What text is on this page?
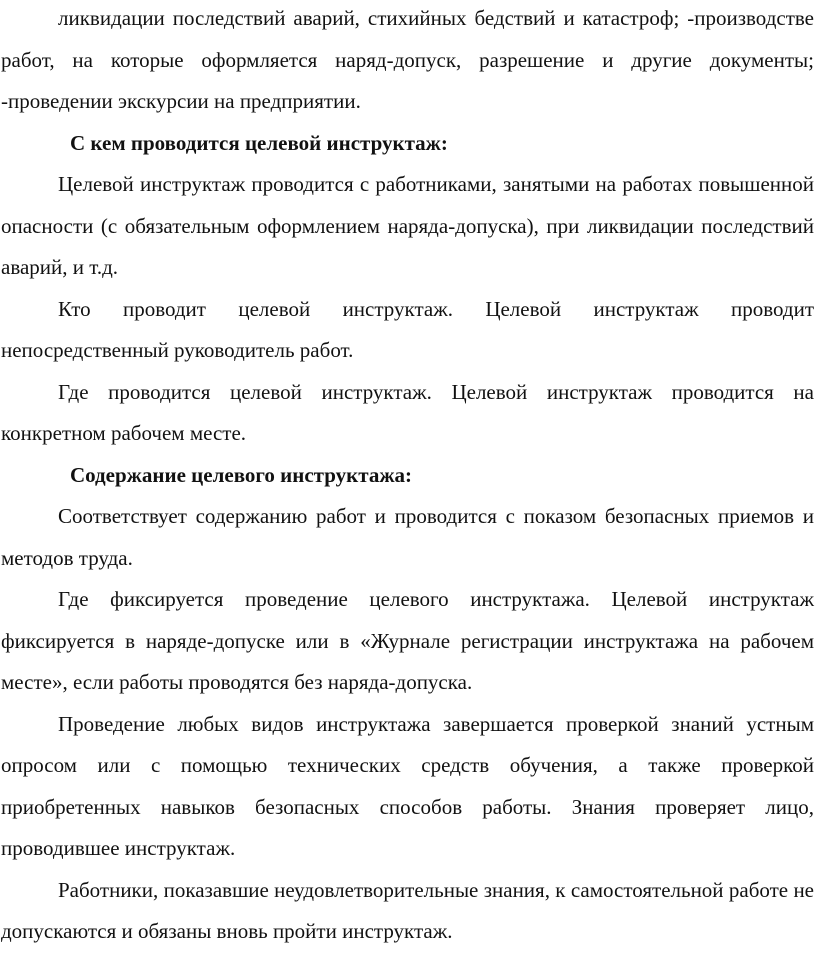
ликвидации последствий аварий, стихийных бедствий и катастроф; -производстве работ, на которые оформляется наряд-допуск, разрешение и другие документы; -проведении экскурсии на предприятии.

С кем проводится целевой инструктаж:

Целевой инструктаж проводится с работниками, занятыми на работах повышенной опасности (с обязательным оформлением наряда-допуска), при ликвидации последствий аварий, и т.д.

Кто проводит целевой инструктаж. Целевой инструктаж проводит непосредственный руководитель работ.

Где проводится целевой инструктаж. Целевой инструктаж проводится на конкретном рабочем месте.

Содержание целевого инструктажа:

Соответствует содержанию работ и проводится с показом безопасных приемов и методов труда.

Где фиксируется проведение целевого инструктажа. Целевой инструктаж фиксируется в наряде-допуске или в «Журнале регистрации инструктажа на рабочем месте», если работы проводятся без наряда-допуска.

Проведение любых видов инструктажа завершается проверкой знаний устным опросом или с помощью технических средств обучения, а также проверкой приобретенных навыков безопасных способов работы. Знания проверяет лицо, проводившее инструктаж.

Работники, показавшие неудовлетворительные знания, к самостоятельной работе не допускаются и обязаны вновь пройти инструктаж.
